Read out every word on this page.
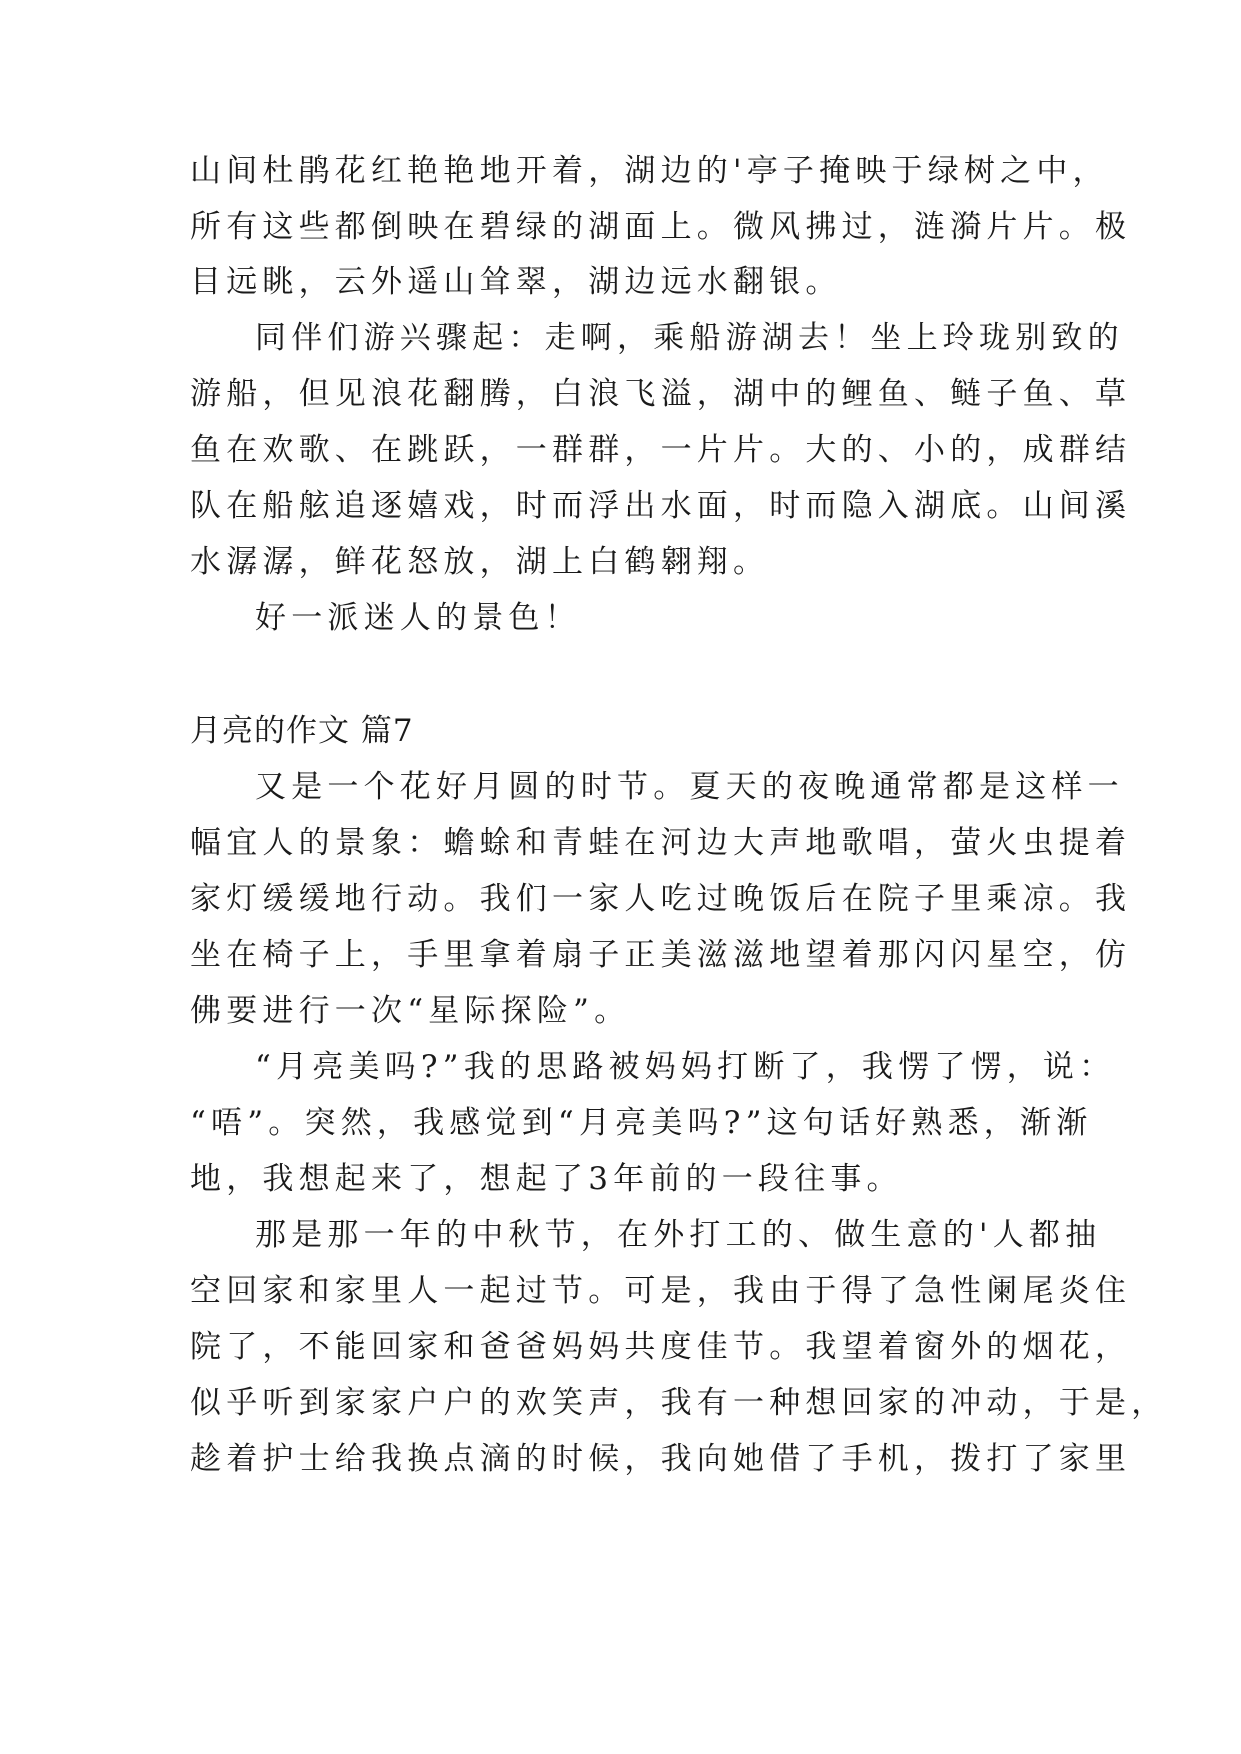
山间杜鹃花红艳艳地开着，湖边的'亭子掩映于绿树之中，
所有这些都倒映在碧绿的湖面上。微风拂过，涟漪片片。极
目远眺，云外遥山耸翠，湖边远水翻银。
同伴们游兴骤起：走啊，乘船游湖去！坐上玲珑别致的
游船，但见浪花翻腾，白浪飞溢，湖中的鲤鱼、鲢子鱼、草
鱼在欢歌、在跳跃，一群群，一片片。大的、小的，成群结
队在船舷追逐嬉戏，时而浮出水面，时而隐入湖底。山间溪
水潺潺，鲜花怒放，湖上白鹤翱翔。
好一派迷人的景色！
月亮的作文 篇7
又是一个花好月圆的时节。夏天的夜晚通常都是这样一
幅宜人的景象：蟾蜍和青蛙在河边大声地歌唱，萤火虫提着
家灯缓缓地行动。我们一家人吃过晚饭后在院子里乘凉。我
坐在椅子上，手里拿着扇子正美滋滋地望着那闪闪星空，仿
佛要进行一次“星际探险”。
“月亮美吗?”我的思路被妈妈打断了，我愣了愣，说：
“唔”。突然，我感觉到“月亮美吗?”这句话好熟悉，渐渐
地，我想起来了，想起了3年前的一段往事。
那是那一年的中秋节，在外打工的、做生意的'人都抽
空回家和家里人一起过节。可是，我由于得了急性阑尾炎住
院了，不能回家和爸爸妈妈共度佳节。我望着窗外的烟花，
似乎听到家家户户的欢笑声，我有一种想回家的冲动，于是，
趁着护士给我换点滴的时候，我向她借了手机，拨打了家里
